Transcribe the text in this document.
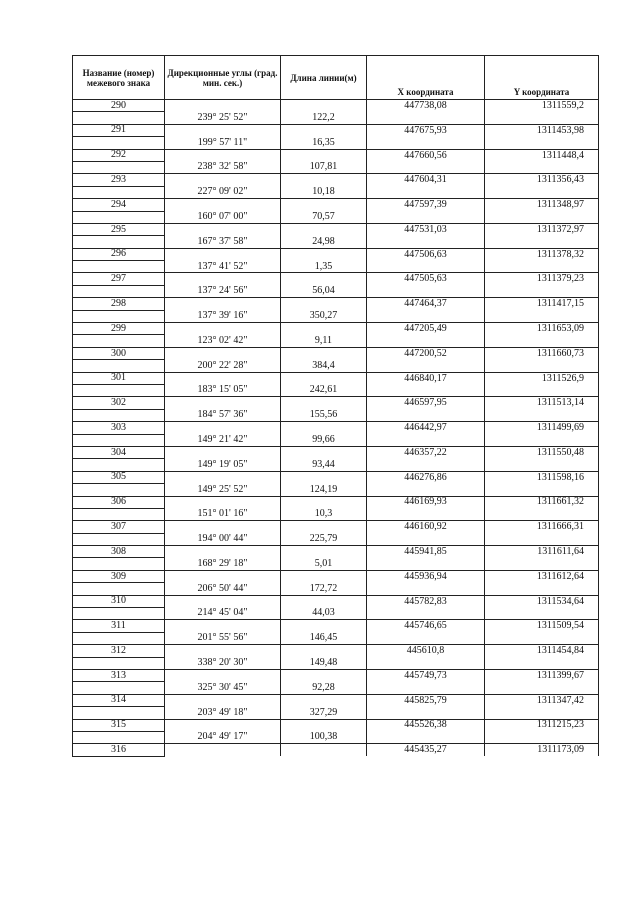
Название (номер) межевого знака	Дирекционные углы (град. мин. сек.)	Длина линии(м)	X координата	Y координата
290			447738,08	1311559,2
	239° 25' 52"	122,2		
291			447675,93	1311453,98
	199° 57' 11"	16,35		
292			447660,56	1311448,4
	238° 32' 58"	107,81		
293			447604,31	1311356,43
	227° 09' 02"	10,18		
294			447597,39	1311348,97
	160° 07' 00"	70,57		
295			447531,03	1311372,97
	167° 37' 58"	24,98		
296			447506,63	1311378,32
	137° 41' 52"	1,35		
297			447505,63	1311379,23
	137° 24' 56"	56,04		
298			447464,37	1311417,15
	137° 39' 16"	350,27		
299			447205,49	1311653,09
	123° 02' 42"	9,11		
300			447200,52	1311660,73
	200° 22' 28"	384,4		
301			446840,17	1311526,9
	183° 15' 05"	242,61		
302			446597,95	1311513,14
	184° 57' 36"	155,56		
303			446442,97	1311499,69
	149° 21' 42"	99,66		
304			446357,22	1311550,48
	149° 19' 05"	93,44		
305			446276,86	1311598,16
	149° 25' 52"	124,19		
306			446169,93	1311661,32
	151° 01' 16"	10,3		
307			446160,92	1311666,31
	194° 00' 44"	225,79		
308			445941,85	1311611,64
	168° 29' 18"	5,01		
309			445936,94	1311612,64
	206° 50' 44"	172,72		
310			445782,83	1311534,64
	214° 45' 04"	44,03		
311			445746,65	1311509,54
	201° 55' 56"	146,45		
312			445610,8	1311454,84
	338° 20' 30"	149,48		
313			445749,73	1311399,67
	325° 30' 45"	92,28		
314			445825,79	1311347,42
	203° 49' 18"	327,29		
315			445526,38	1311215,23
	204° 49' 17"	100,38		
316			445435,27	1311173,09
